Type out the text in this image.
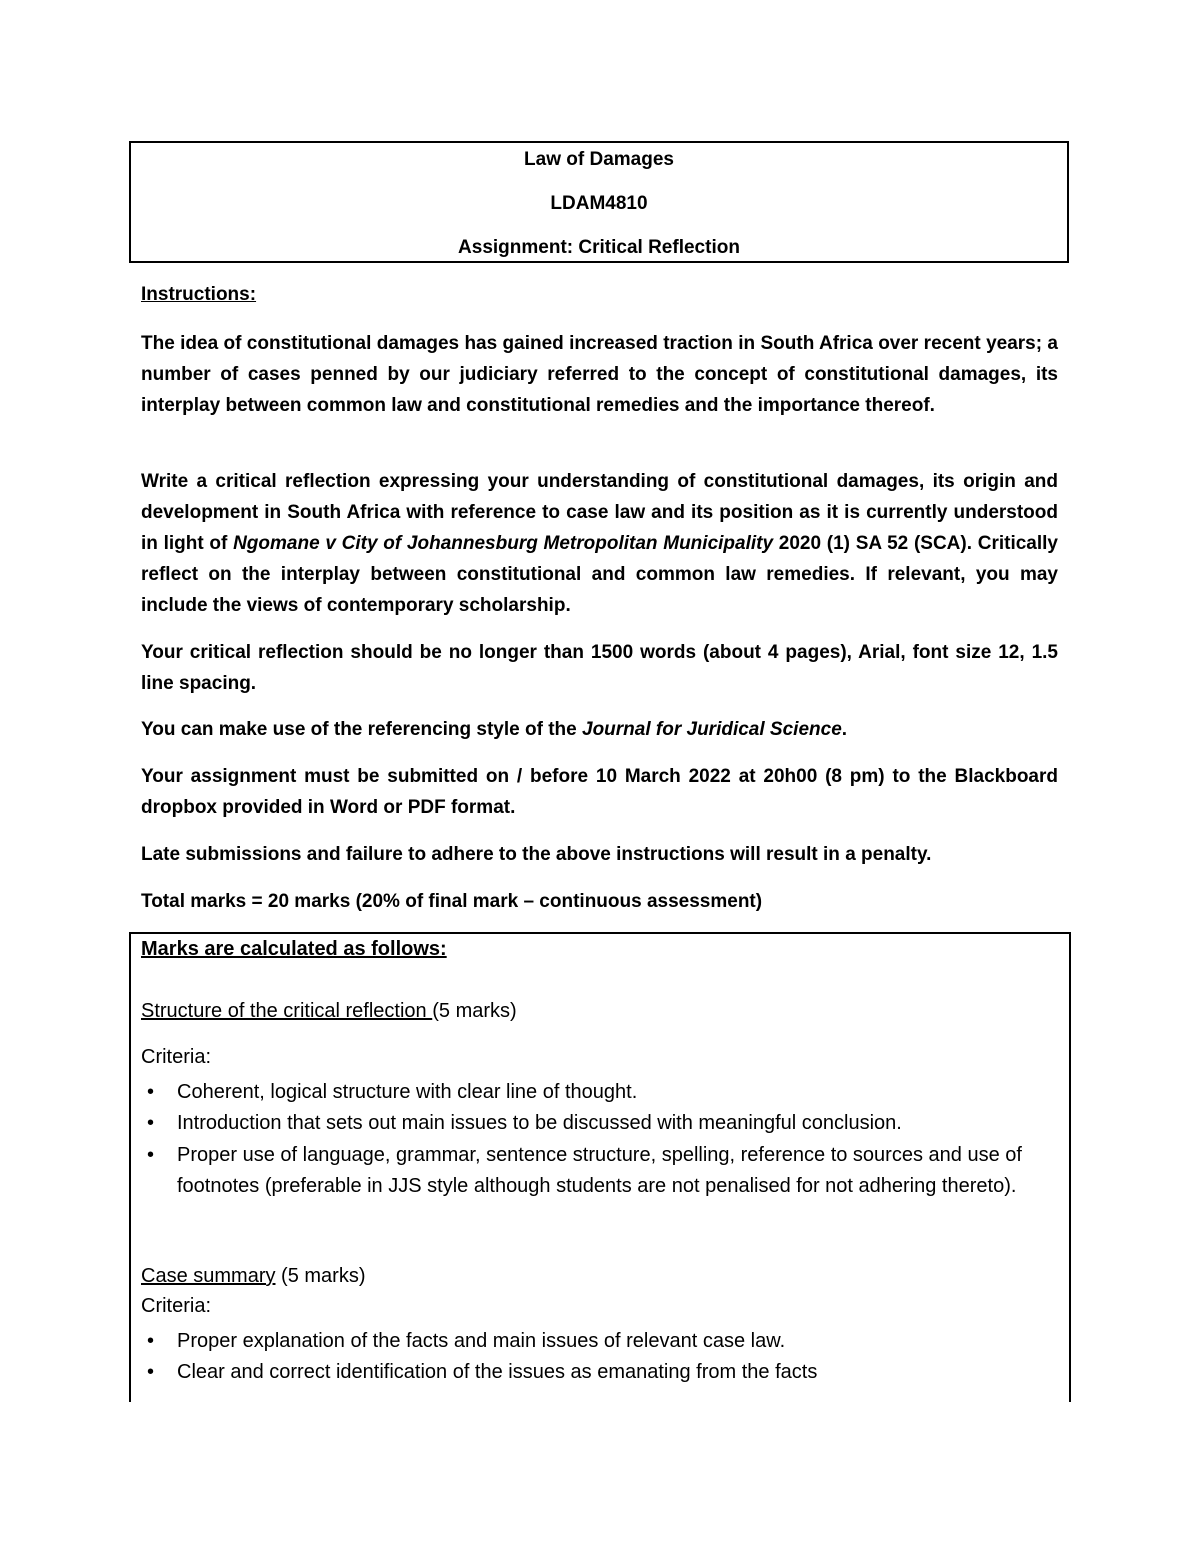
Law of Damages
LDAM4810
Assignment: Critical Reflection
Instructions:
The idea of constitutional damages has gained increased traction in South Africa over recent years; a number of cases penned by our judiciary referred to the concept of constitutional damages, its interplay between common law and constitutional remedies and the importance thereof.
Write a critical reflection expressing your understanding of constitutional damages, its origin and development in South Africa with reference to case law and its position as it is currently understood in light of Ngomane v City of Johannesburg Metropolitan Municipality 2020 (1) SA 52 (SCA). Critically reflect on the interplay between constitutional and common law remedies. If relevant, you may include the views of contemporary scholarship.
Your critical reflection should be no longer than 1500 words (about 4 pages), Arial, font size 12, 1.5 line spacing.
You can make use of the referencing style of the Journal for Juridical Science.
Your assignment must be submitted on / before 10 March 2022 at 20h00 (8 pm) to the Blackboard dropbox provided in Word or PDF format.
Late submissions and failure to adhere to the above instructions will result in a penalty.
Total marks = 20 marks (20% of final mark – continuous assessment)
Marks are calculated as follows:
Structure of the critical reflection (5 marks)
Criteria:
• Coherent, logical structure with clear line of thought.
• Introduction that sets out main issues to be discussed with meaningful conclusion.
• Proper use of language, grammar, sentence structure, spelling, reference to sources and use of footnotes (preferable in JJS style although students are not penalised for not adhering thereto).
Case summary (5 marks)
Criteria:
• Proper explanation of the facts and main issues of relevant case law.
• Clear and correct identification of the issues as emanating from the facts
